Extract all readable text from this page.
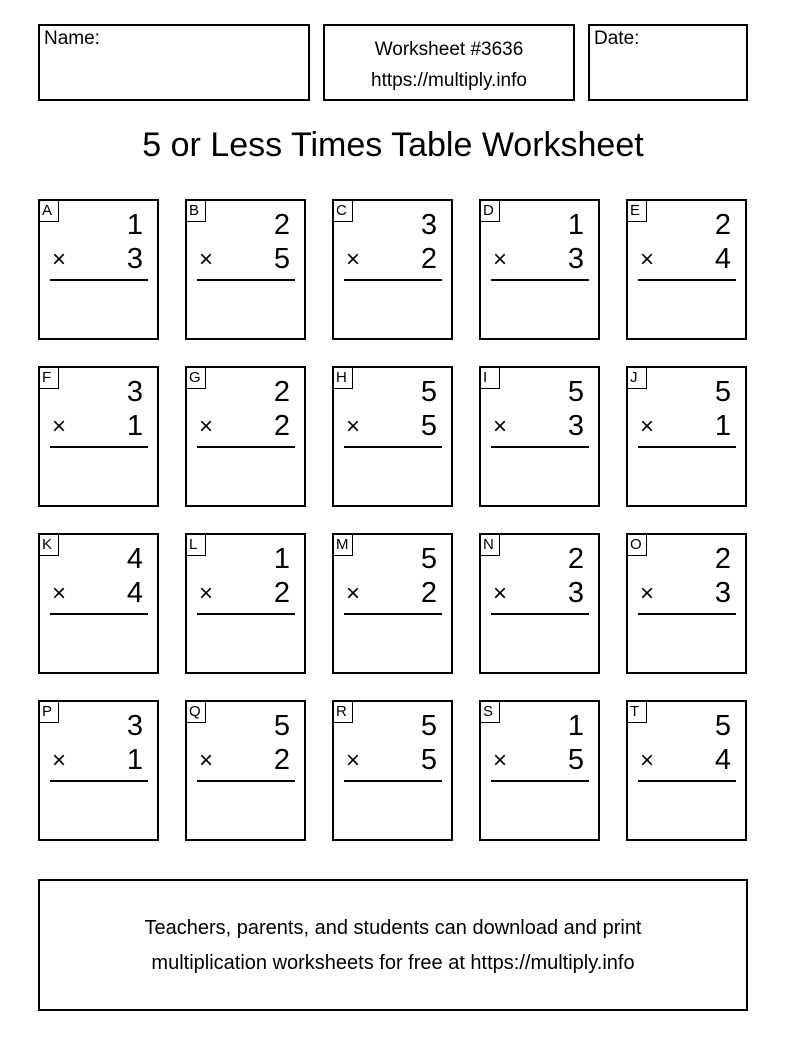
Name:
Worksheet #3636
https://multiply.info
Date:
5 or Less Times Table Worksheet
A	1
× 3
B	2
× 5
C	3
× 2
D	1
× 3
E	2
× 4
F	3
× 1
G	2
× 2
H	5
× 5
I	5
× 3
J	5
× 1
K	4
× 4
L	1
× 2
M 5
× 2
N	2
× 3
O	2
× 3
P	3
× 1
Q	5
× 2
R	5
× 5
S	1
× 5
T	5
× 4
Teachers, parents, and students can download and print
multiplication worksheets for free at https://multiply.info
